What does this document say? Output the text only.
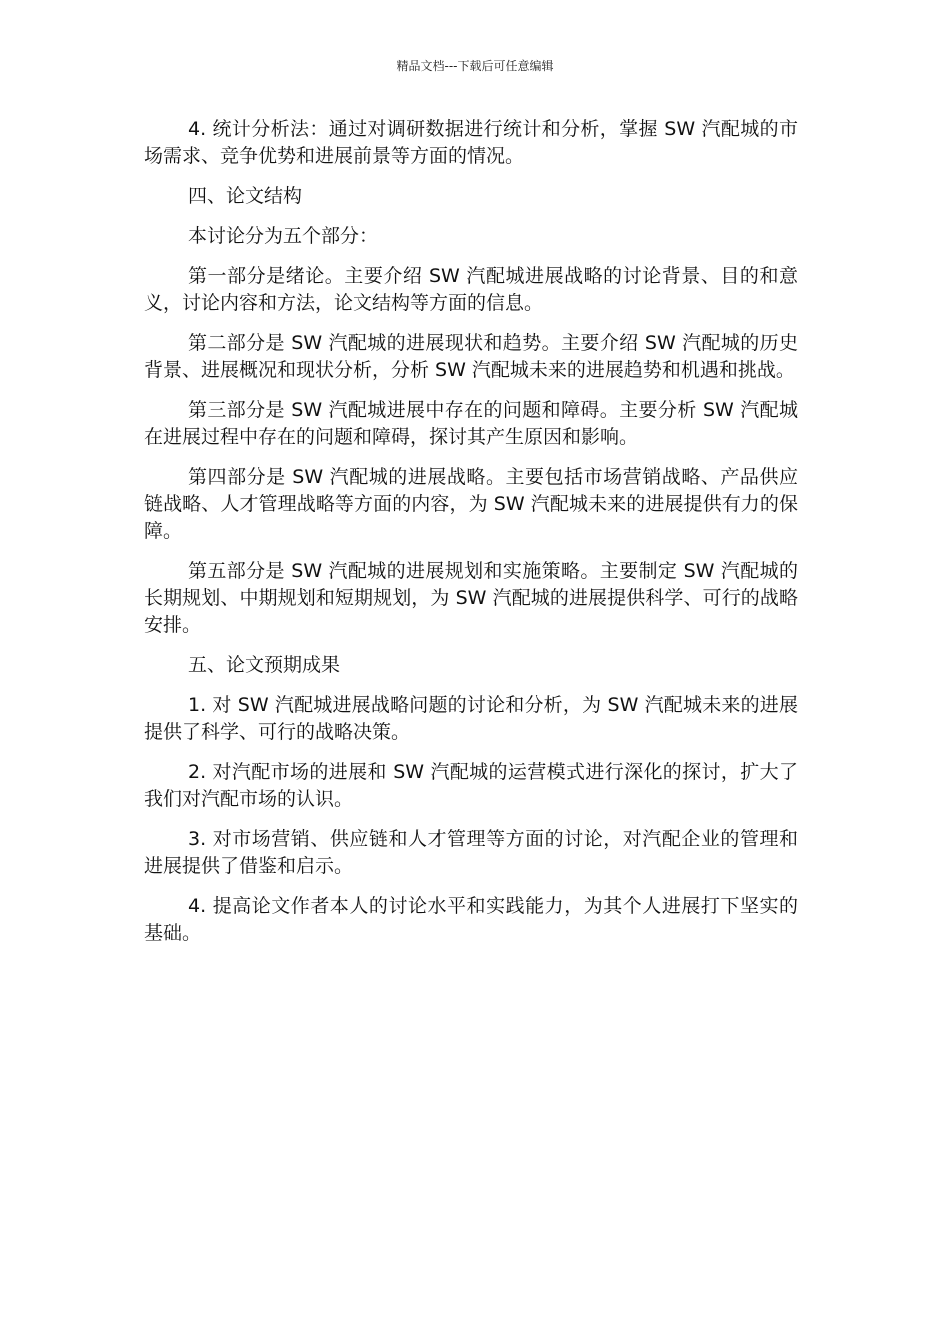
精品文档---下载后可任意编辑

4. 统计分析法：通过对调研数据进行统计和分析，掌握 SW 汽配城的市场需求、竞争优势和进展前景等方面的情况。

四、论文结构

本讨论分为五个部分：

第一部分是绪论。主要介绍 SW 汽配城进展战略的讨论背景、目的和意义，讨论内容和方法，论文结构等方面的信息。

第二部分是 SW 汽配城的进展现状和趋势。主要介绍 SW 汽配城的历史背景、进展概况和现状分析，分析 SW 汽配城未来的进展趋势和机遇和挑战。

第三部分是 SW 汽配城进展中存在的问题和障碍。主要分析 SW 汽配城在进展过程中存在的问题和障碍，探讨其产生原因和影响。

第四部分是 SW 汽配城的进展战略。主要包括市场营销战略、产品供应链战略、人才管理战略等方面的内容，为 SW 汽配城未来的进展提供有力的保障。

第五部分是 SW 汽配城的进展规划和实施策略。主要制定 SW 汽配城的长期规划、中期规划和短期规划，为 SW 汽配城的进展提供科学、可行的战略安排。

五、论文预期成果

1. 对 SW 汽配城进展战略问题的讨论和分析，为 SW 汽配城未来的进展提供了科学、可行的战略决策。

2. 对汽配市场的进展和 SW 汽配城的运营模式进行深化的探讨，扩大了我们对汽配市场的认识。

3. 对市场营销、供应链和人才管理等方面的讨论，对汽配企业的管理和进展提供了借鉴和启示。

4. 提高论文作者本人的讨论水平和实践能力，为其个人进展打下坚实的基础。
